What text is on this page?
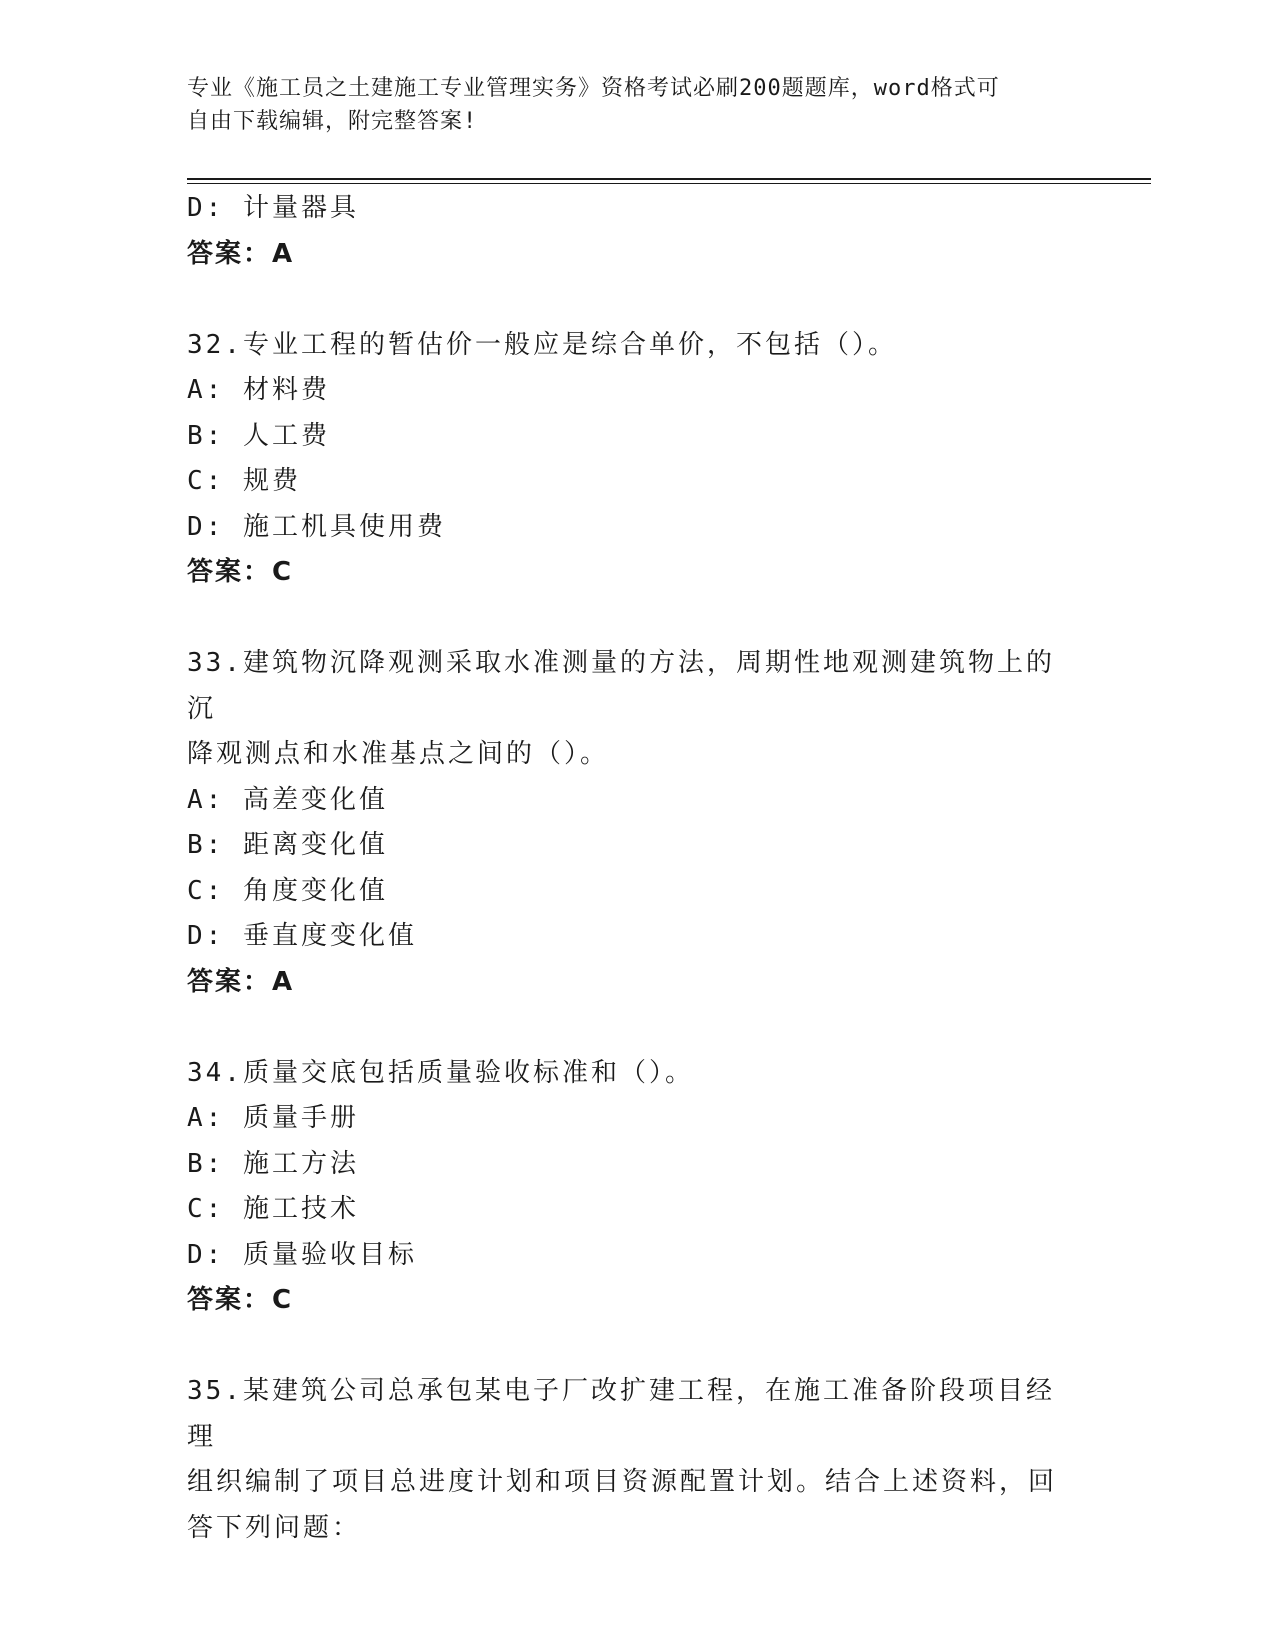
专业《施工员之土建施工专业管理实务》资格考试必刷200题题库，word格式可
自由下载编辑，附完整答案!
D: 计量器具
答案：A
32.专业工程的暂估价一般应是综合单价，不包括（）。
A: 材料费
B: 人工费
C: 规费
D: 施工机具使用费
答案：C
33.建筑物沉降观测采取水准测量的方法，周期性地观测建筑物上的沉
降观测点和水准基点之间的（）。
A: 高差变化值
B: 距离变化值
C: 角度变化值
D: 垂直度变化值
答案：A
34.质量交底包括质量验收标准和（）。
A: 质量手册
B: 施工方法
C: 施工技术
D: 质量验收目标
答案：C
35.某建筑公司总承包某电子厂改扩建工程，在施工准备阶段项目经理
组织编制了项目总进度计划和项目资源配置计划。结合上述资料，回
答下列问题：
